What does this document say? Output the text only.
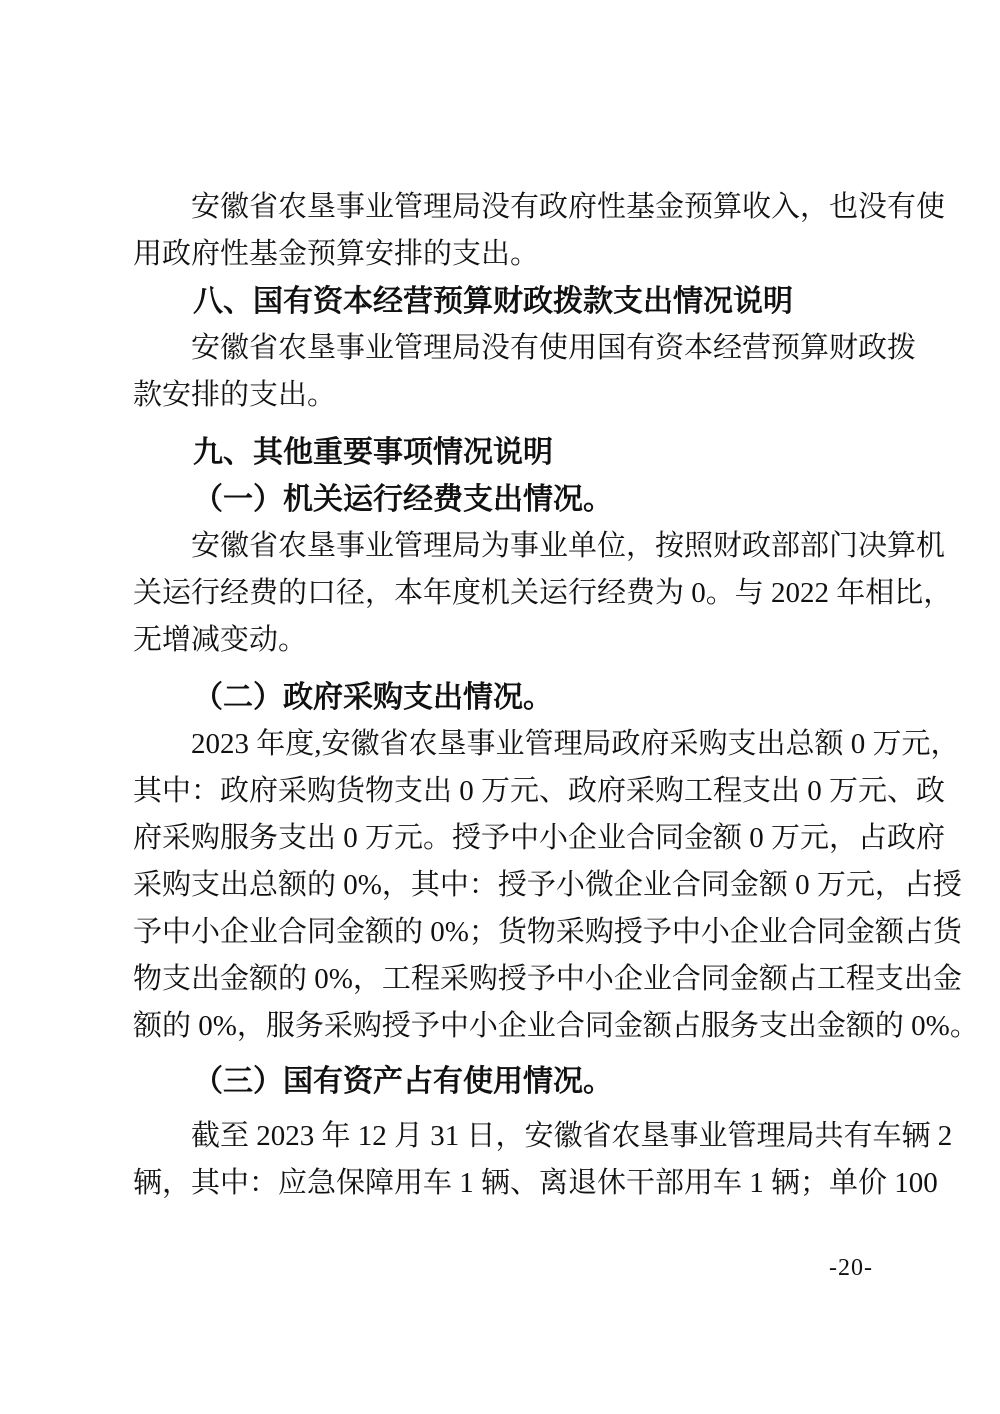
安徽省农垦事业管理局没有政府性基金预算收入，也没有使
用政府性基金预算安排的支出。
八、国有资本经营预算财政拨款支出情况说明
安徽省农垦事业管理局没有使用国有资本经营预算财政拨
款安排的支出。
九、其他重要事项情况说明
（一）机关运行经费支出情况。
安徽省农垦事业管理局为事业单位，按照财政部部门决算机
关运行经费的口径，本年度机关运行经费为 0。与 2022 年相比，
无增减变动。
（二）政府采购支出情况。
2023 年度,安徽省农垦事业管理局政府采购支出总额 0 万元，
其中：政府采购货物支出 0 万元、政府采购工程支出 0 万元、政
府采购服务支出 0 万元。授予中小企业合同金额 0 万元，占政府
采购支出总额的 0%，其中：授予小微企业合同金额 0 万元，占授
予中小企业合同金额的 0%；货物采购授予中小企业合同金额占货
物支出金额的 0%，工程采购授予中小企业合同金额占工程支出金
额的 0%，服务采购授予中小企业合同金额占服务支出金额的 0%。
（三）国有资产占有使用情况。
截至 2023 年 12 月 31 日，安徽省农垦事业管理局共有车辆 2
辆，其中：应急保障用车 1 辆、离退休干部用车 1 辆；单价 100
-20-
